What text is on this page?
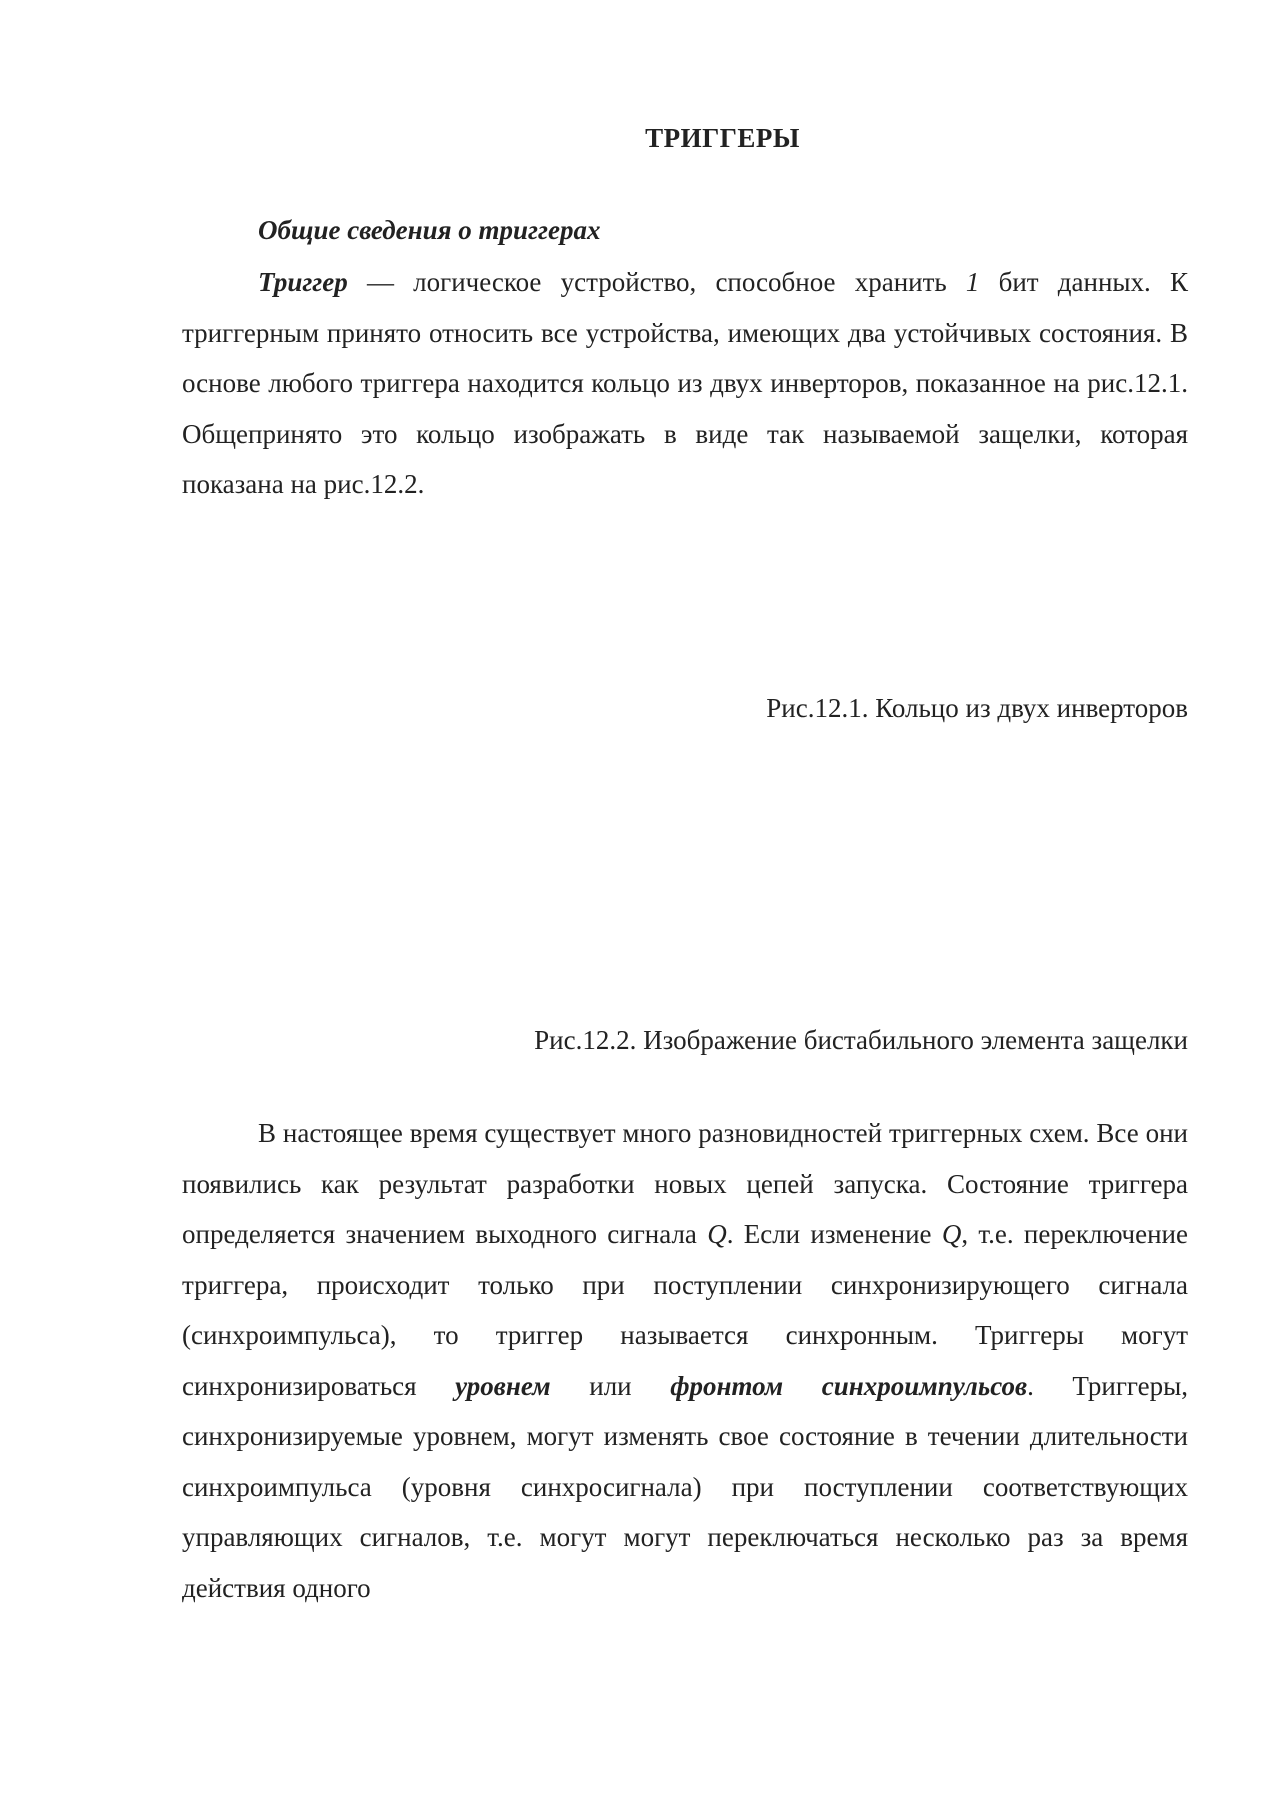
ТРИГГЕРЫ
Общие сведения о триггерах
Триггер — логическое устройство, способное хранить 1 бит данных. К триггерным принято относить все устройства, имеющих два устойчивых состояния. В основе любого триггера находится кольцо из двух инверторов, показанное на рис.12.1. Общепринято это кольцо изображать в виде так называемой защелки, которая показана на рис.12.2.
Рис.12.1. Кольцо из двух инверторов
Рис.12.2. Изображение бистабильного элемента защелки
В настоящее время существует много разновидностей триггерных схем. Все они появились как результат разработки новых цепей запуска. Состояние триггера определяется значением выходного сигнала Q. Если изменение Q, т.е. переключение триггера, происходит только при поступлении синхронизирующего сигнала (синхроимпульса), то триггер называется синхронным. Триггеры могут синхронизироваться уровнем или фронтом синхроимпульсов. Триггеры, синхронизируемые уровнем, могут изменять свое состояние в течении длительности синхроимпульса (уровня синхросигнала) при поступлении соответствующих управляющих сигналов, т.е. могут могут переключаться несколько раз за время действия одного
